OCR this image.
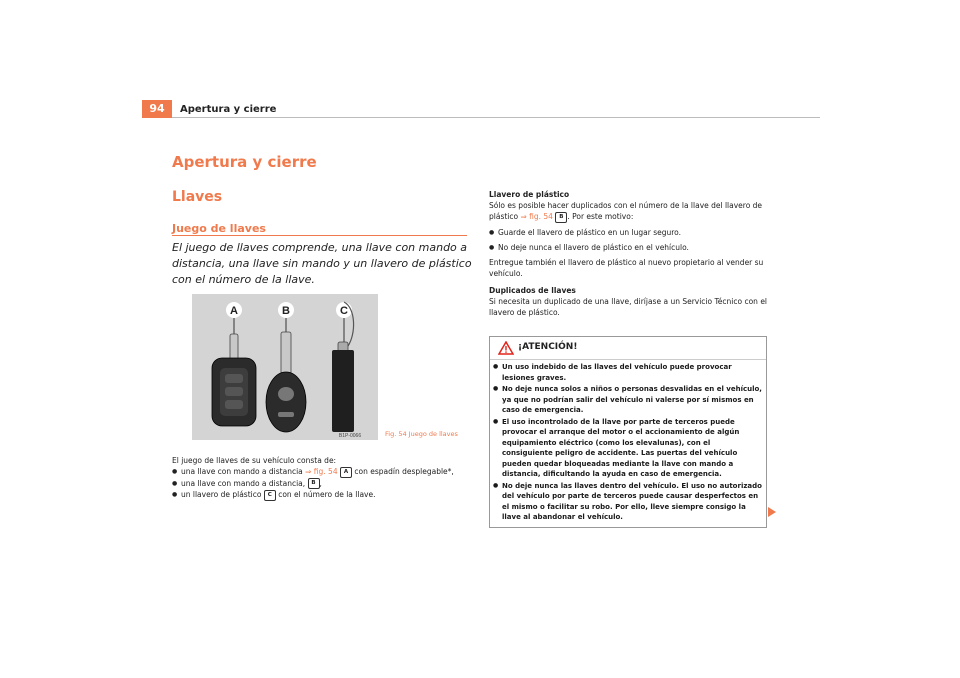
94	Apertura y cierre
Apertura y cierre
Llaves
Juego de llaves
El juego de llaves comprende, una llave con mando a distancia, una llave sin mando y un llavero de plástico con el número de la llave.
A	B	C
B1P-0066	Fig. 54 Juego de llaves
El juego de llaves de su vehículo consta de:
● una llave con mando a distancia ⇒ fig. 54 A con espadín desplegable*,
● una llave con mando a distancia, B ,
● un llavero de plástico C con el número de la llave.
Llavero de plástico
Sólo es posible hacer duplicados con el número de la llave del llavero de plástico ⇒ fig. 54 B . Por este motivo:
● Guarde el llavero de plástico en un lugar seguro.
● No deje nunca el llavero de plástico en el vehículo.
Entregue también el llavero de plástico al nuevo propietario al vender su vehículo.
Duplicados de llaves
Si necesita un duplicado de una llave, diríjase a un Servicio Técnico con el llavero de plástico.
¡ATENCIÓN!
● Un uso indebido de las llaves del vehículo puede provocar lesiones graves.
● No deje nunca solos a niños o personas desvalidas en el vehículo, ya que no podrían salir del vehículo ni valerse por sí mismos en caso de emergencia.
● El uso incontrolado de la llave por parte de terceros puede provocar el arranque del motor o el accionamiento de algún equipamiento eléctrico (como los elevalunas), con el consiguiente peligro de accidente. Las puertas del vehículo pueden quedar bloqueadas mediante la llave con mando a distancia, dificultando la ayuda en caso de emergencia.
● No deje nunca las llaves dentro del vehículo. El uso no autorizado del vehículo por parte de terceros puede causar desperfectos en el mismo o facilitar su robo. Por ello, lleve siempre consigo la llave al abandonar el vehículo.
